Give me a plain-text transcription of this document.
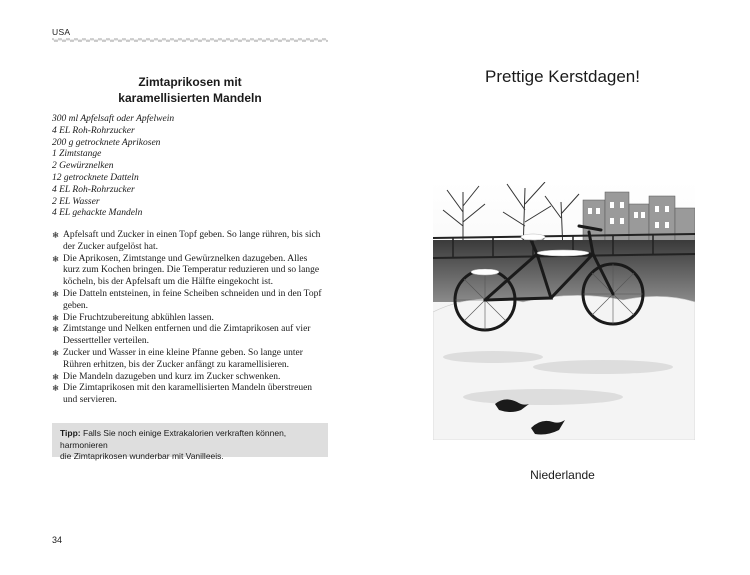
USA
Zimtaprikosen mit
karamellisierten Mandeln
300 ml Apfelsaft oder Apfelwein
4 EL Roh-Rohrzucker
200 g getrocknete Aprikosen
1 Zimtstange
2 Gewürznelken
12 getrocknete Datteln
4 EL Roh-Rohrzucker
2 EL Wasser
4 EL gehackte Mandeln
❄ Apfelsaft und Zucker in einen Topf geben. So lange rühren, bis sich
der Zucker aufgelöst hat.
❄ Die Aprikosen, Zimtstange und Gewürznelken dazugeben. Alles
kurz zum Kochen bringen. Die Temperatur reduzieren und so lange
köcheln, bis der Apfelsaft um die Hälfte eingekocht ist.
❄ Die Datteln entsteinen, in feine Scheiben schneiden und in den Topf
geben.
❄ Die Fruchtzubereitung abkühlen lassen.
❄ Zimtstange und Nelken entfernen und die Zimtaprikosen auf vier
Dessertteller verteilen.
❄ Zucker und Wasser in eine kleine Pfanne geben. So lange unter
Rühren erhitzen, bis der Zucker anfängt zu karamellisieren.
❄ Die Mandeln dazugeben und kurz im Zucker schwenken.
❄ Die Zimtaprikosen mit den karamellisierten Mandeln überstreuen
und servieren.
Tipp: Falls Sie noch einige Extrakalorien verkraften können, harmonieren
die Zimtaprikosen wunderbar mit Vanilleeis.
34
Prettige Kerstdagen!
Niederlande
